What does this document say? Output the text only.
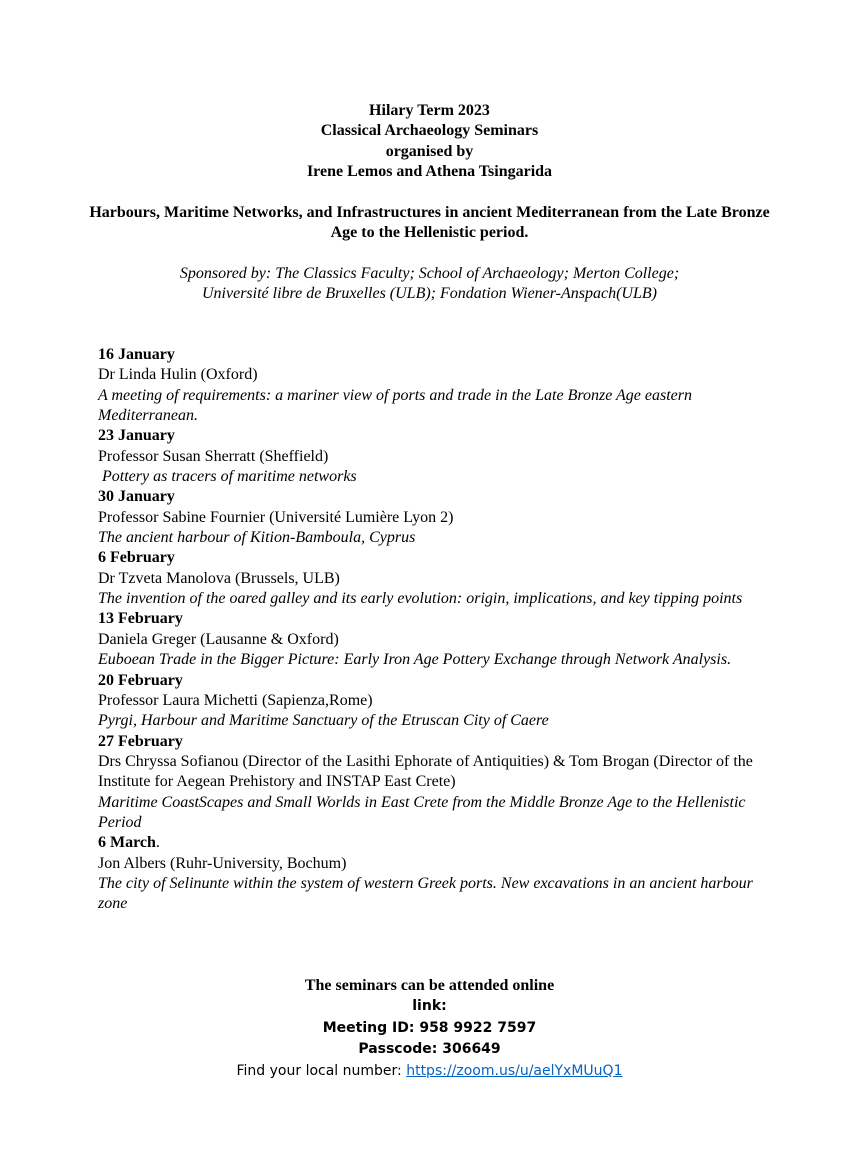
Hilary Term 2023
Classical Archaeology Seminars
organised by
Irene Lemos and Athena Tsingarida
Harbours, Maritime Networks, and Infrastructures in ancient Mediterranean from the Late Bronze Age to the Hellenistic period.
Sponsored by: The Classics Faculty; School of Archaeology; Merton College;
Université libre de Bruxelles (ULB); Fondation Wiener-Anspach(ULB)
16 January
Dr Linda Hulin (Oxford)
A meeting of requirements: a mariner view of ports and trade in the Late Bronze Age eastern Mediterranean.
23 January
Professor Susan Sherratt (Sheffield)
Pottery as tracers of maritime networks
30 January
Professor Sabine Fournier (Université Lumière Lyon 2)
The ancient harbour of Kition-Bamboula, Cyprus
6 February
Dr Tzveta Manolova (Brussels, ULB)
The invention of the oared galley and its early evolution: origin, implications, and key tipping points
13 February
Daniela Greger (Lausanne & Oxford)
Euboean Trade in the Bigger Picture: Early Iron Age Pottery Exchange through Network Analysis.
20 February
Professor Laura Michetti (Sapienza,Rome)
Pyrgi, Harbour and Maritime Sanctuary of the Etruscan City of Caere
27 February
Drs Chryssa Sofianou (Director of the Lasithi Ephorate of Antiquities) & Tom Brogan (Director of the Institute for Aegean Prehistory and INSTAP East Crete)
Maritime CoastScapes and Small Worlds in East Crete from the Middle Bronze Age to the Hellenistic Period
6 March.
Jon Albers (Ruhr-University, Bochum)
The city of Selinunte within the system of western Greek ports. New excavations in an ancient harbour zone
The seminars can be attended online
link:
Meeting ID: 958 9922 7597
Passcode: 306649
Find your local number: https://zoom.us/u/aelYxMUuQ1
